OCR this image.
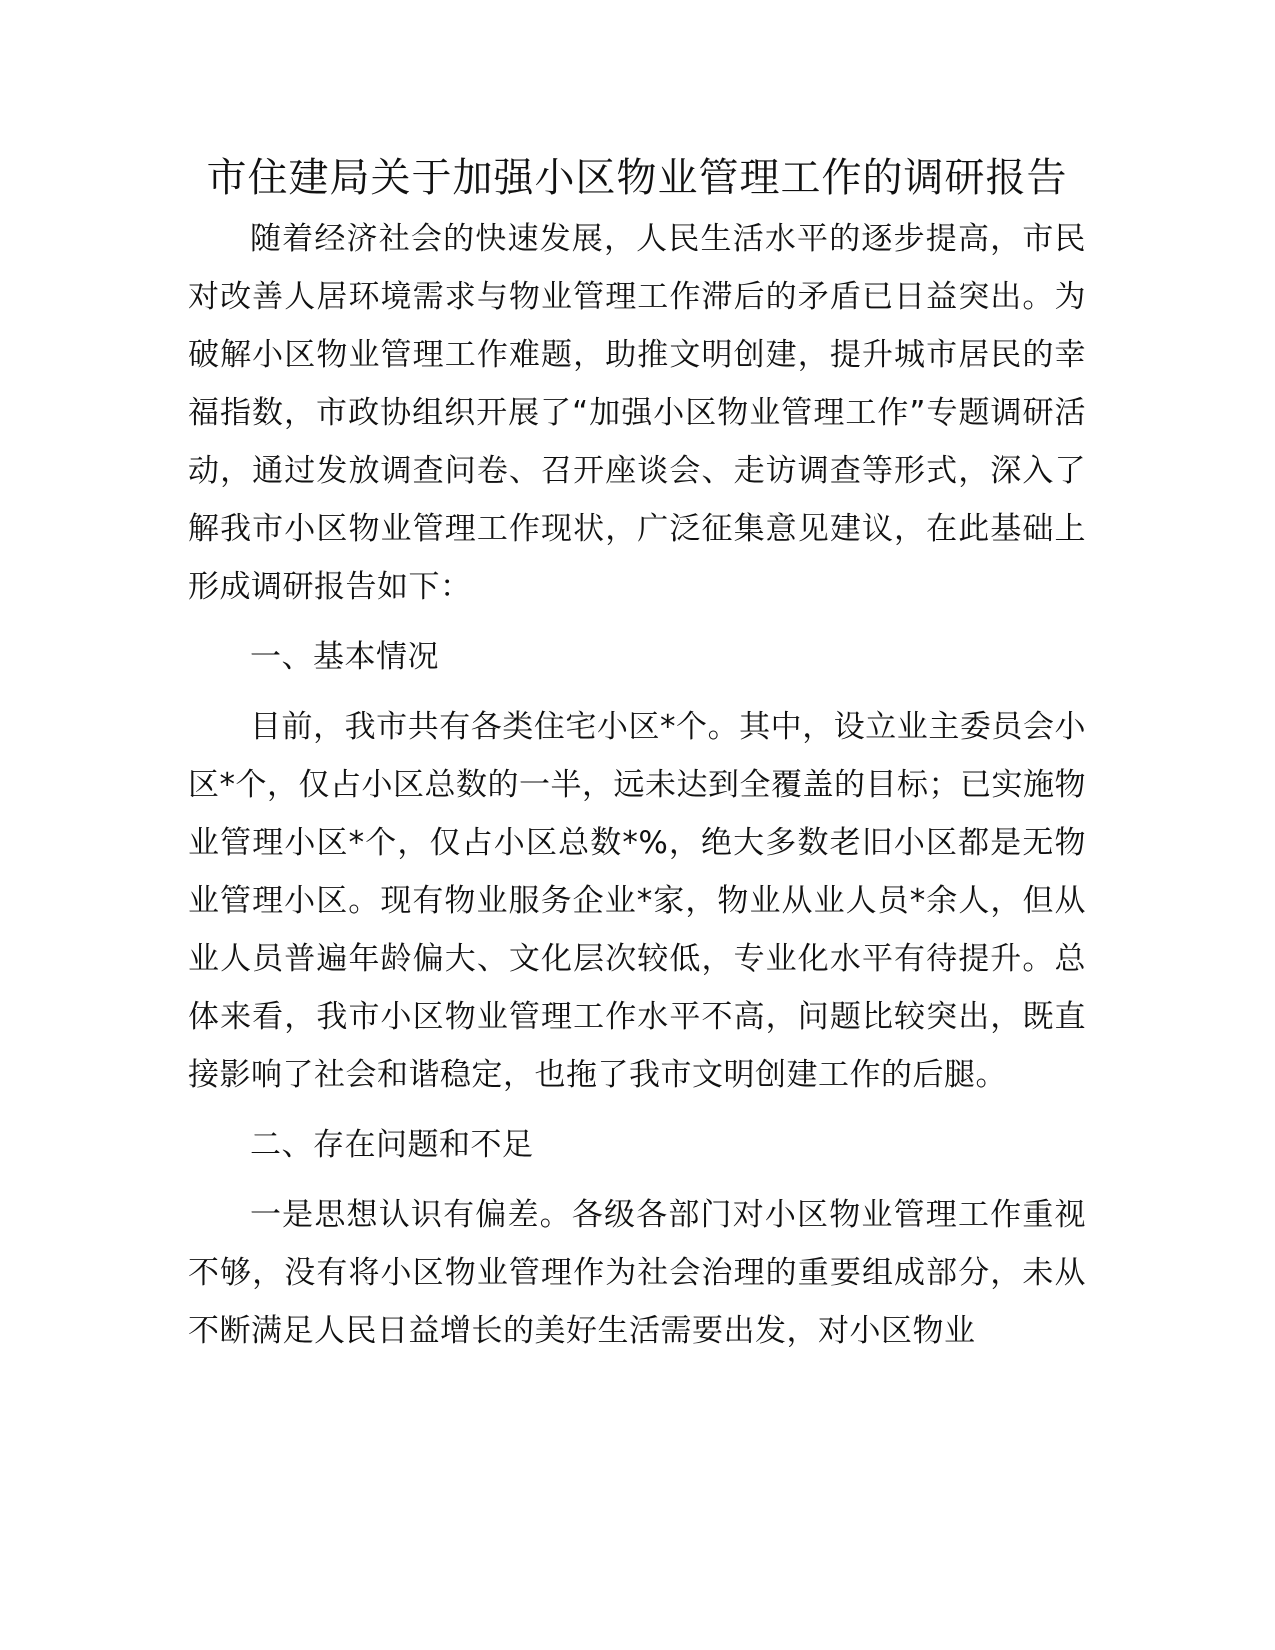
市住建局关于加强小区物业管理工作的调研报告

随着经济社会的快速发展，人民生活水平的逐步提高，市民对改善人居环境需求与物业管理工作滞后的矛盾已日益突出。为破解小区物业管理工作难题，助推文明创建，提升城市居民的幸福指数，市政协组织开展了“加强小区物业管理工作”专题调研活动，通过发放调查问卷、召开座谈会、走访调查等形式，深入了解我市小区物业管理工作现状，广泛征集意见建议，在此基础上形成调研报告如下：

一、基本情况

目前，我市共有各类住宅小区*个。其中，设立业主委员会小区*个，仅占小区总数的一半，远未达到全覆盖的目标；已实施物业管理小区*个，仅占小区总数*%，绝大多数老旧小区都是无物业管理小区。现有物业服务企业*家，物业从业人员*余人，但从业人员普遍年龄偏大、文化层次较低，专业化水平有待提升。总体来看，我市小区物业管理工作水平不高，问题比较突出，既直接影响了社会和谐稳定，也拖了我市文明创建工作的后腿。

二、存在问题和不足

一是思想认识有偏差。各级各部门对小区物业管理工作重视不够，没有将小区物业管理作为社会治理的重要组成部分，未从不断满足人民日益增长的美好生活需要出发，对小区物业
